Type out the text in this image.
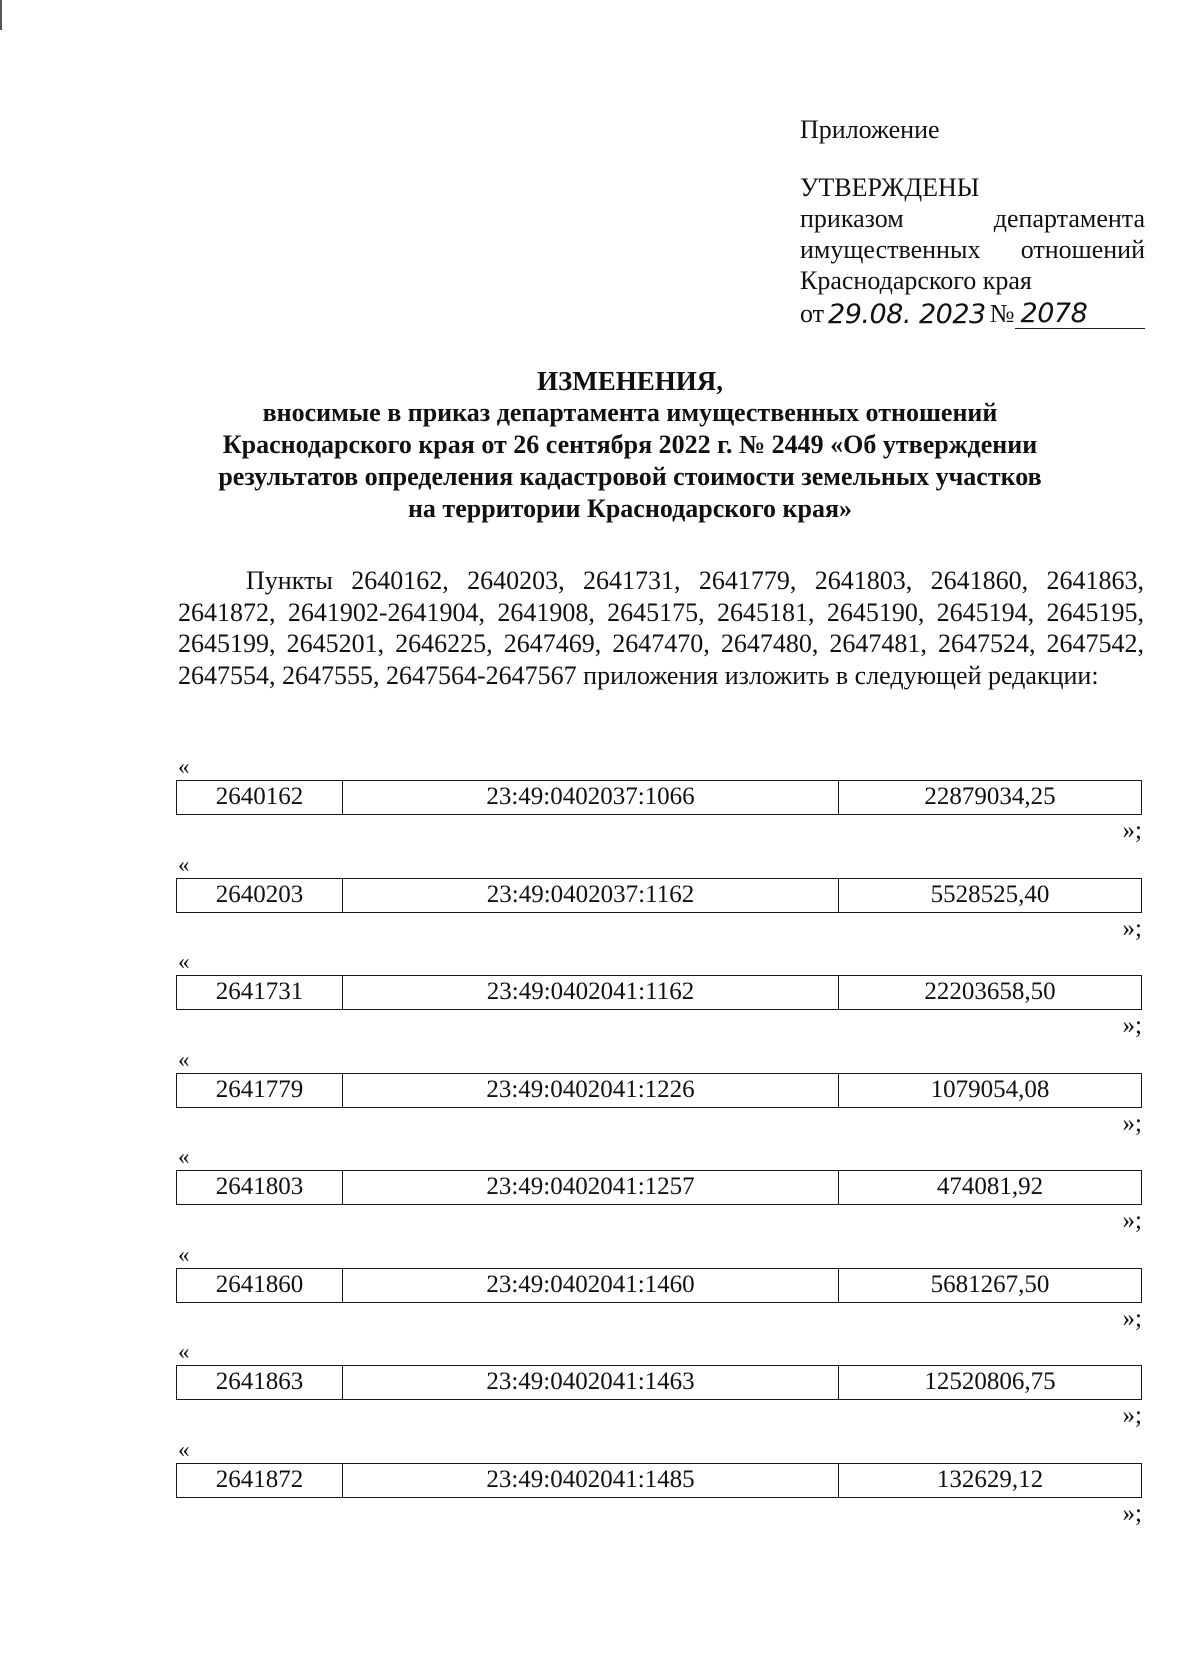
Приложение
УТВЕРЖДЕНЫ
приказом	департамента
имущественных отношений
Краснодарского края
от 29.08. 2023 № 2078
ИЗМЕНЕНИЯ,
вносимые в приказ департамента имущественных отношений
Краснодарского края от 26 сентября 2022 г. № 2449 «Об утверждении
результатов определения кадастровой стоимости земельных участков
на территории Краснодарского края»
Пункты 2640162, 2640203, 2641731, 2641779, 2641803, 2641860, 2641863, 2641872, 2641902-2641904, 2641908, 2645175, 2645181, 2645190, 2645194, 2645195, 2645199, 2645201, 2646225, 2647469, 2647470, 2647480, 2647481, 2647524, 2647542, 2647554, 2647555, 2647564-2647567 приложения изложить в следующей редакции:
«
2640162	23:49:0402037:1066	22879034,25
»;
«
2640203	23:49:0402037:1162	5528525,40
»;
«
2641731	23:49:0402041:1162	22203658,50
»;
«
2641779	23:49:0402041:1226	1079054,08
»;
«
2641803	23:49:0402041:1257	474081,92
»;
«
2641860	23:49:0402041:1460	5681267,50
»;
«
2641863	23:49:0402041:1463	12520806,75
»;
«
2641872	23:49:0402041:1485	132629,12
»;
